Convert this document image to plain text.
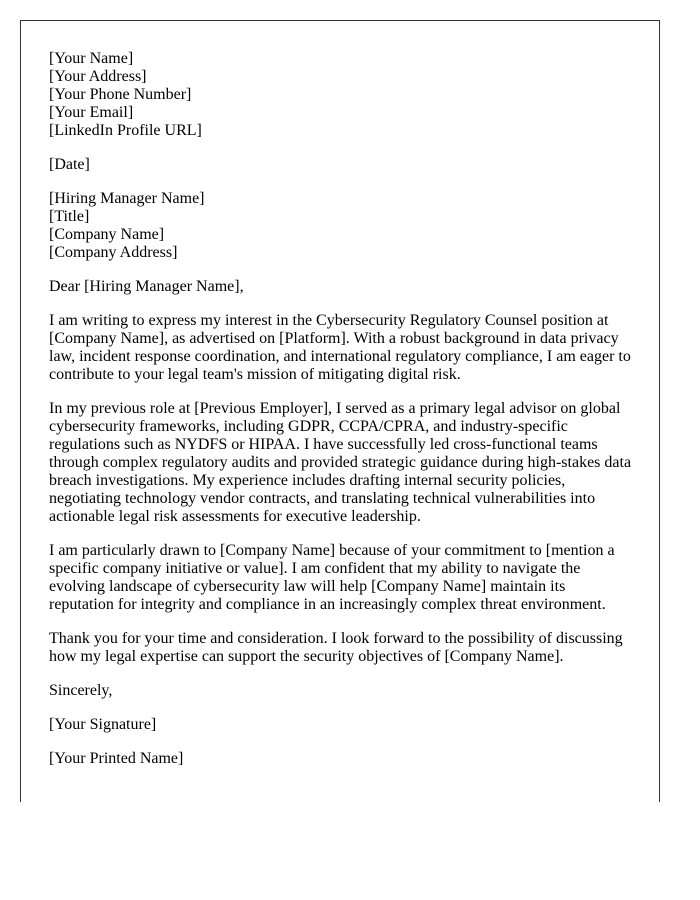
[Your Name]
[Your Address]
[Your Phone Number]
[Your Email]
[LinkedIn Profile URL]
[Date]
[Hiring Manager Name]
[Title]
[Company Name]
[Company Address]

Dear [Hiring Manager Name],

I am writing to express my interest in the Cybersecurity Regulatory Counsel position at
[Company Name], as advertised on [Platform]. With a robust background in data privacy
law, incident response coordination, and international regulatory compliance, I am eager to
contribute to your legal team's mission of mitigating digital risk.

In my previous role at [Previous Employer], I served as a primary legal advisor on global
cybersecurity frameworks, including GDPR, CCPA/CPRA, and industry-specific
regulations such as NYDFS or HIPAA. I have successfully led cross-functional teams
through complex regulatory audits and provided strategic guidance during high-stakes data
breach investigations. My experience includes drafting internal security policies,
negotiating technology vendor contracts, and translating technical vulnerabilities into
actionable legal risk assessments for executive leadership.

I am particularly drawn to [Company Name] because of your commitment to [mention a
specific company initiative or value]. I am confident that my ability to navigate the
evolving landscape of cybersecurity law will help [Company Name] maintain its
reputation for integrity and compliance in an increasingly complex threat environment.

Thank you for your time and consideration. I look forward to the possibility of discussing
how my legal expertise can support the security objectives of [Company Name].

Sincerely,

[Your Signature]

[Your Printed Name]
